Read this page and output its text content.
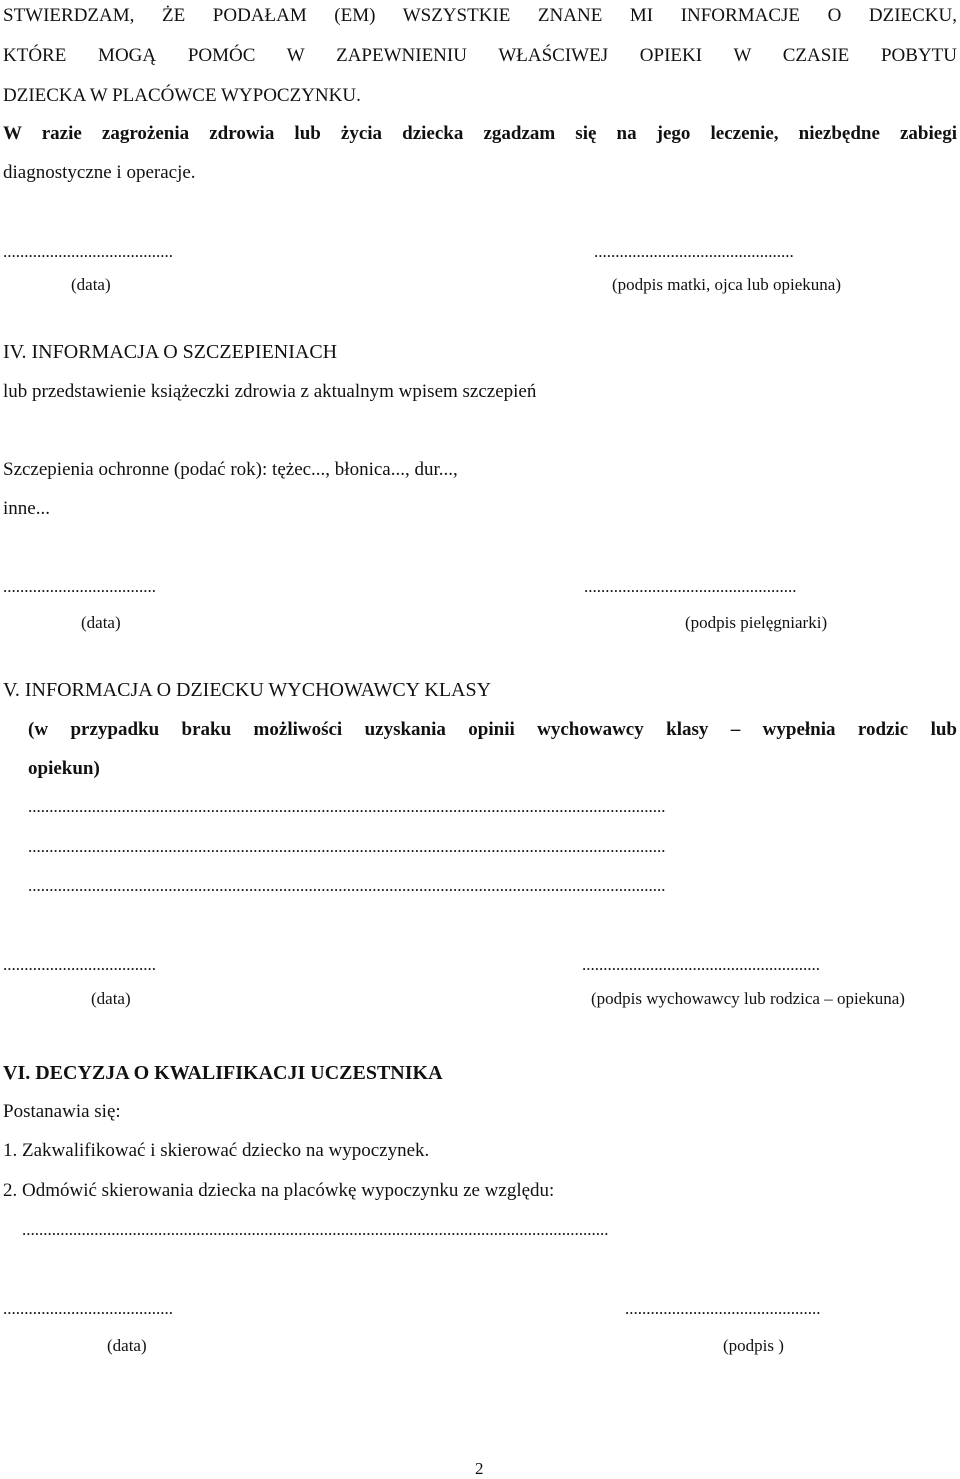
STWIERDZAM, ŻE PODAŁAM (EM) WSZYSTKIE ZNANE MI INFORMACJE O DZIECKU,
KTÓRE MOGĄ POMÓC W ZAPEWNIENIU WŁAŚCIWEJ OPIEKI W CZASIE POBYTU
DZIECKA W PLACÓWCE WYPOCZYNKU.
W razie zagrożenia zdrowia lub życia dziecka zgadzam się na jego leczenie, niezbędne zabiegi
diagnostyczne i operacje.
........................................	...............................................
(data)	(podpis matki, ojca lub opiekuna)
IV. INFORMACJA O SZCZEPIENIACH
lub przedstawienie książeczki zdrowia z aktualnym wpisem szczepień
Szczepienia ochronne (podać rok): tężec..., błonica..., dur...,
inne...
....................................	..................................................
(data)	(podpis pielęgniarki)
V. INFORMACJA O DZIECKU WYCHOWAWCY KLASY
(w przypadku braku możliwości uzyskania opinii wychowawcy klasy – wypełnia rodzic lub
opiekun)
......................................................................................................................................................
......................................................................................................................................................
......................................................................................................................................................
....................................	........................................................
(data)	(podpis wychowawcy lub rodzica – opiekuna)
VI. DECYZJA O KWALIFIKACJI UCZESTNIKA
Postanawia się:
1. Zakwalifikować i skierować dziecko na wypoczynek.
2. Odmówić skierowania dziecka na placówkę wypoczynku ze względu:
..........................................................................................................................................
........................................	..............................................
(data)	(podpis )
2
